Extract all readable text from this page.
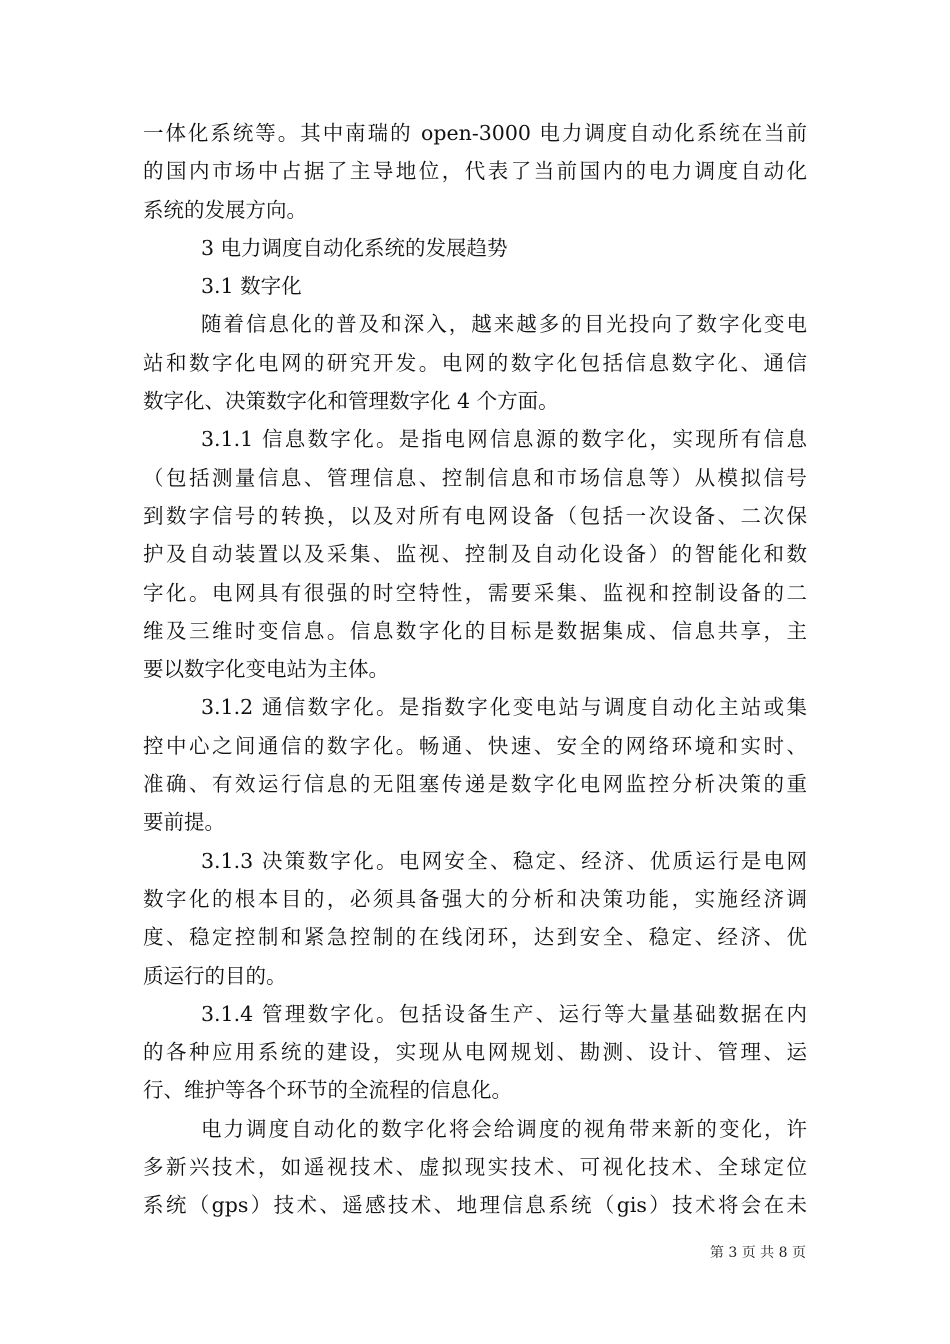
一体化系统等。其中南瑞的 open-3000 电力调度自动化系统在当前
的国内市场中占据了主导地位，代表了当前国内的电力调度自动化
系统的发展方向。
3 电力调度自动化系统的发展趋势
3.1 数字化
随着信息化的普及和深入，越来越多的目光投向了数字化变电
站和数字化电网的研究开发。电网的数字化包括信息数字化、通信
数字化、决策数字化和管理数字化 4 个方面。
3.1.1 信息数字化。是指电网信息源的数字化，实现所有信息
（包括测量信息、管理信息、控制信息和市场信息等）从模拟信号
到数字信号的转换，以及对所有电网设备（包括一次设备、二次保
护及自动装置以及采集、监视、控制及自动化设备）的智能化和数
字化。电网具有很强的时空特性，需要采集、监视和控制设备的二
维及三维时变信息。信息数字化的目标是数据集成、信息共享，主
要以数字化变电站为主体。
3.1.2 通信数字化。是指数字化变电站与调度自动化主站或集
控中心之间通信的数字化。畅通、快速、安全的网络环境和实时、
准确、有效运行信息的无阻塞传递是数字化电网监控分析决策的重
要前提。
3.1.3 决策数字化。电网安全、稳定、经济、优质运行是电网
数字化的根本目的，必须具备强大的分析和决策功能，实施经济调
度、稳定控制和紧急控制的在线闭环，达到安全、稳定、经济、优
质运行的目的。
3.1.4 管理数字化。包括设备生产、运行等大量基础数据在内
的各种应用系统的建设，实现从电网规划、勘测、设计、管理、运
行、维护等各个环节的全流程的信息化。
电力调度自动化的数字化将会给调度的视角带来新的变化，许
多新兴技术，如遥视技术、虚拟现实技术、可视化技术、全球定位
系统（gps）技术、遥感技术、地理信息系统（gis）技术将会在未
第 3 页 共 8 页
